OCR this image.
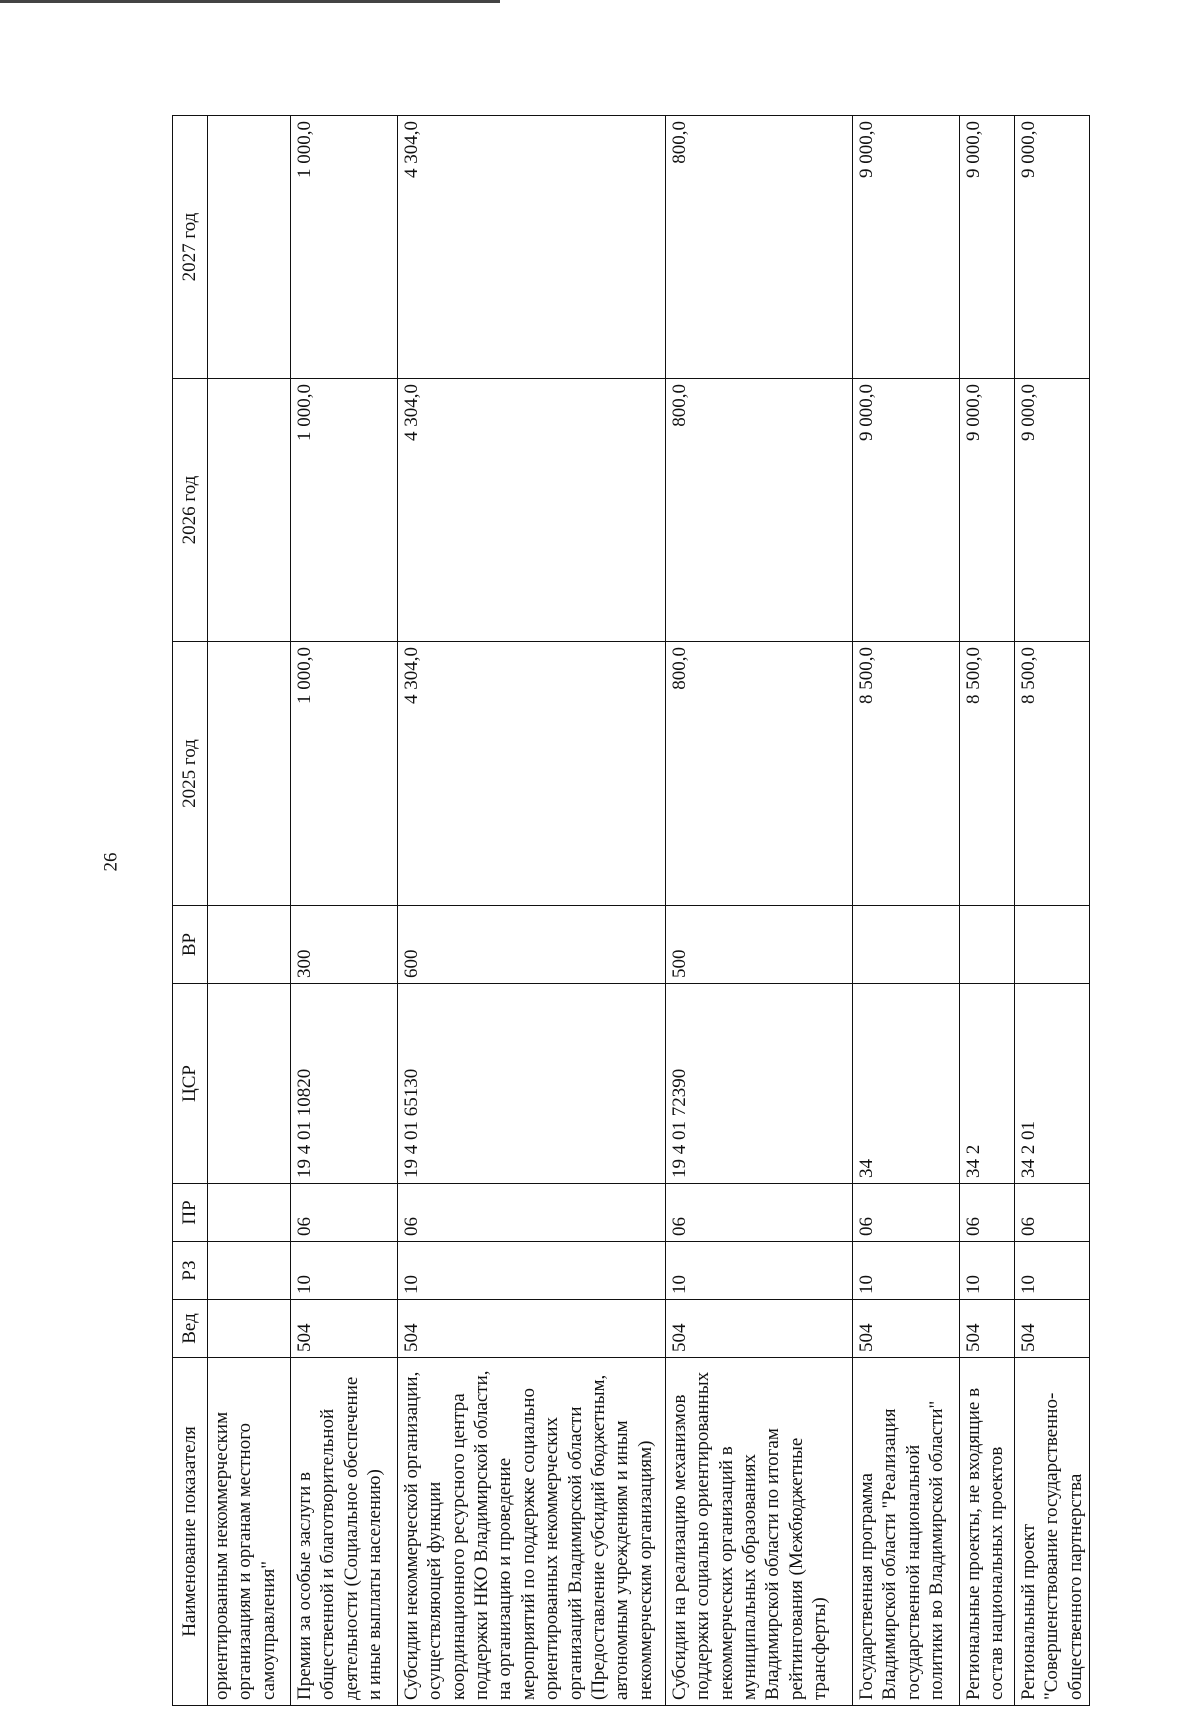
26
Наименование показателя	Вед	РЗ	ПР	ЦСР	ВР	2025 год	2026 год	2027 год
ориентированным некоммерческим организациям и органам местного самоуправления"								
Премии за особые заслуги в общественной и благотворительной деятельности (Социальное обеспечение и иные выплаты населению)	504	10	06	19 4 01 10820	300	1 000,0	1 000,0	1 000,0
Субсидии некоммерческой организации, осуществляющей функции координационного ресурсного центра поддержки НКО Владимирской области, на организацию и проведение мероприятий по поддержке социально ориентированных некоммерческих организаций Владимирской области (Предоставление субсидий бюджетным, автономным учреждениям и иным некоммерческим организациям)	504	10	06	19 4 01 65130	600	4 304,0	4 304,0	4 304,0
Субсидии на реализацию механизмов поддержки социально ориентированных некоммерческих организаций в муниципальных образованиях Владимирской области по итогам рейтингования (Межбюджетные трансферты)	504	10	06	19 4 01 72390	500	800,0	800,0	800,0
Государственная программа Владимирской области "Реализация государственной национальной политики во Владимирской области"	504	10	06	34		8 500,0	9 000,0	9 000,0
Региональные проекты, не входящие в состав национальных проектов	504	10	06	34 2		8 500,0	9 000,0	9 000,0
Региональный проект "Совершенствование государственно-общественного партнерства	504	10	06	34 2 01		8 500,0	9 000,0	9 000,0
